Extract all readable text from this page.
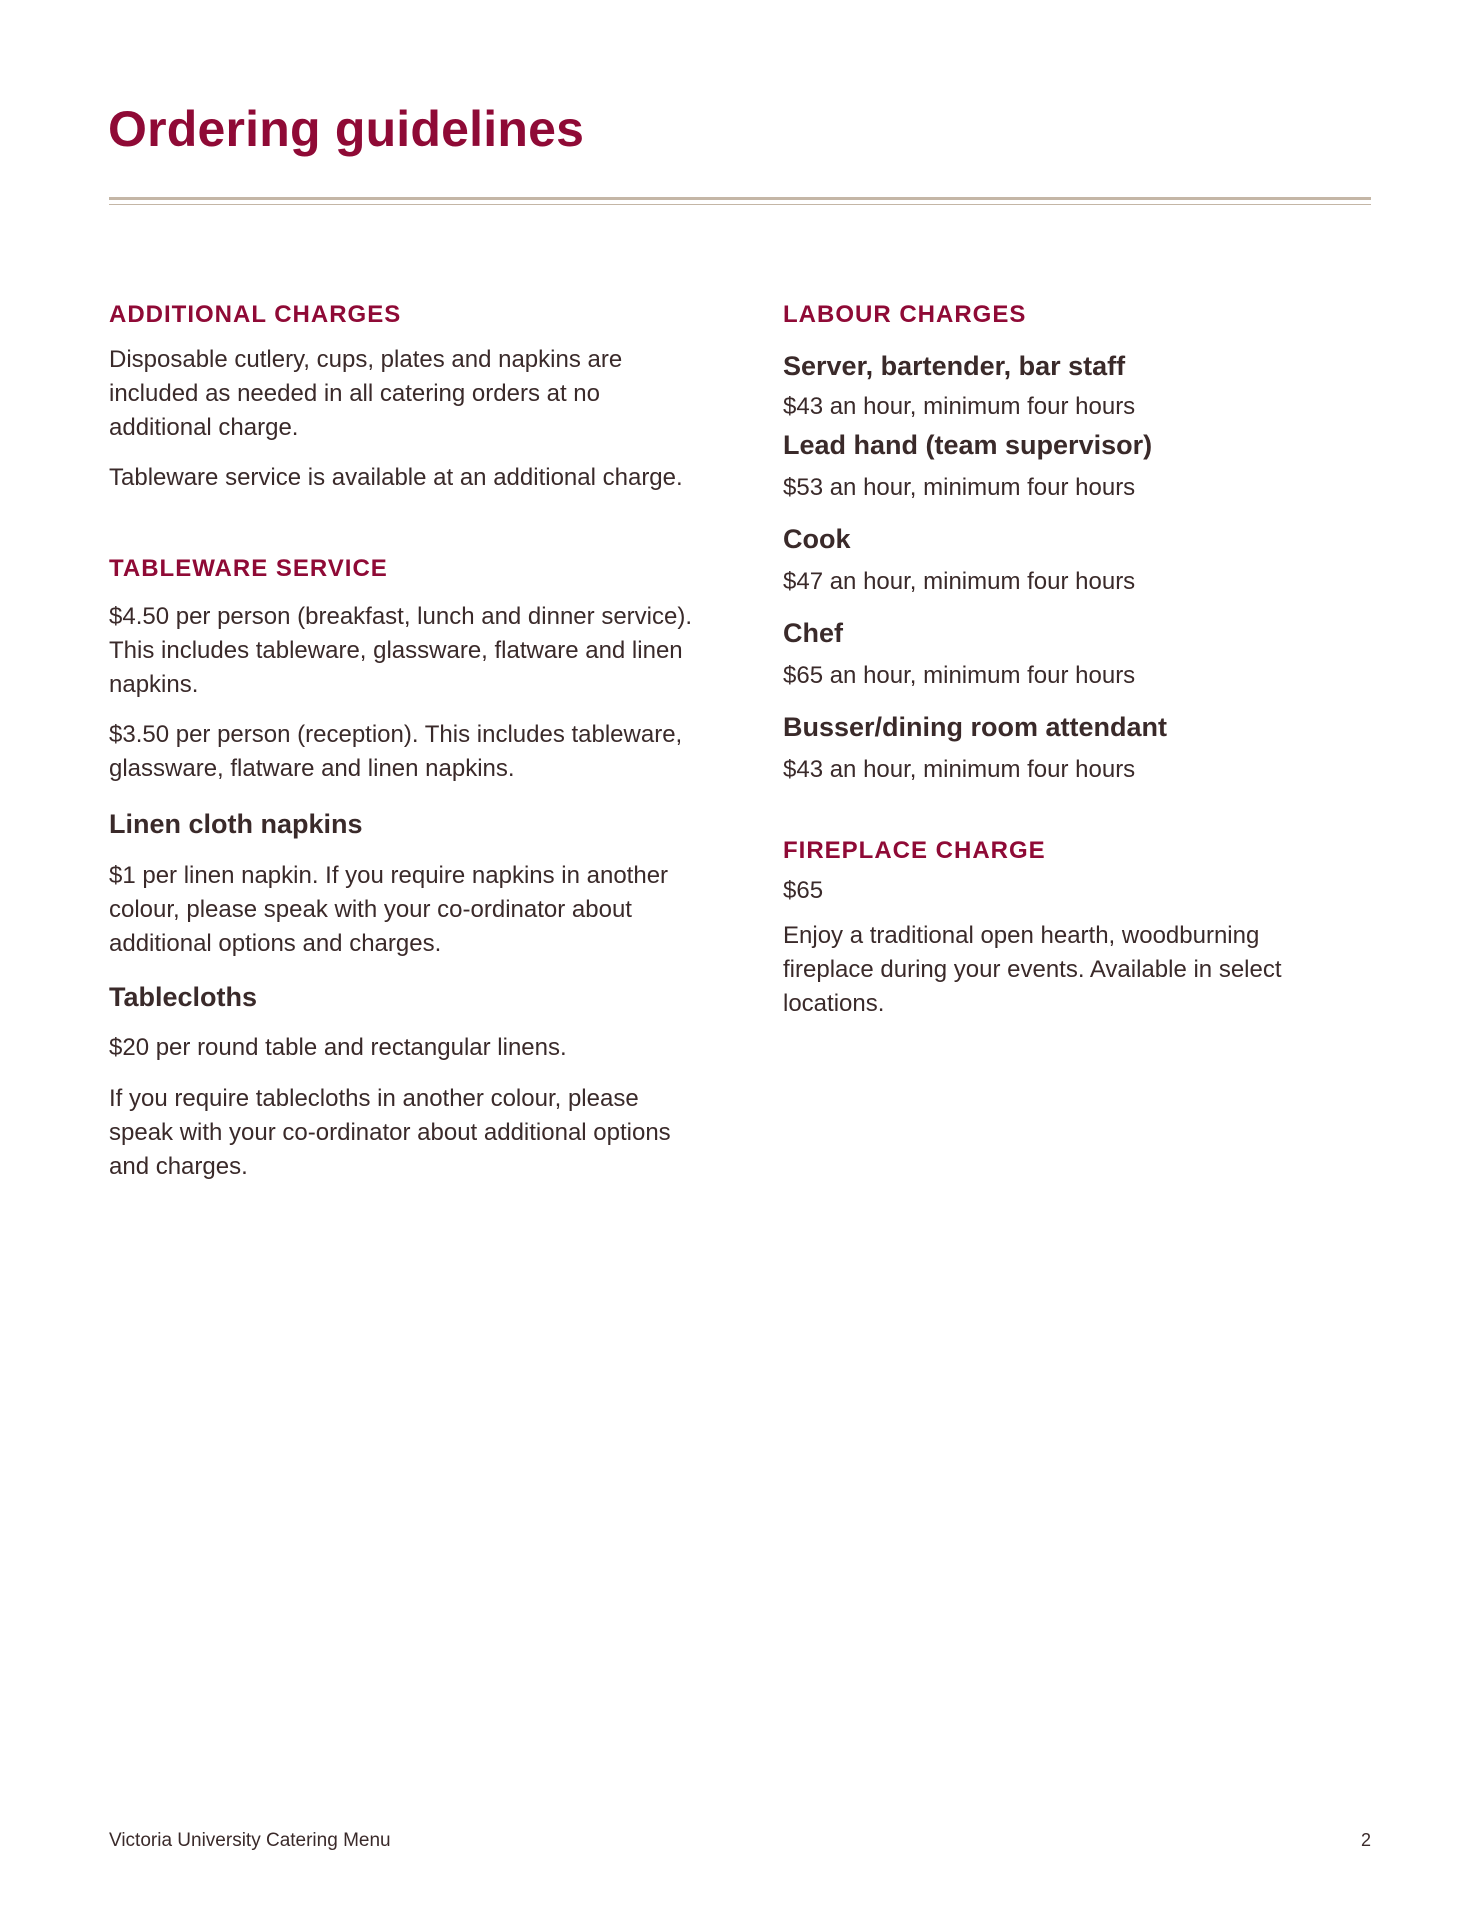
Ordering guidelines
ADDITIONAL CHARGES

Disposable cutlery, cups, plates and napkins are included as needed in all catering orders at no additional charge.

Tableware service is available at an additional charge.

TABLEWARE SERVICE

$4.50 per person (breakfast, lunch and dinner service). This includes tableware, glassware, flatware and linen napkins.

$3.50 per person (reception). This includes tableware, glassware, flatware and linen napkins.

Linen cloth napkins

$1 per linen napkin. If you require napkins in another colour, please speak with your co-ordinator about additional options and charges.

Tablecloths

$20 per round table and rectangular linens.

If you require tablecloths in another colour, please speak with your co-ordinator about additional options and charges.

LABOUR CHARGES
Server, bartender, bar staff

$43 an hour, minimum four hours

Lead hand (team supervisor)

$53 an hour, minimum four hours

Cook

$47 an hour, minimum four hours

Chef

$65 an hour, minimum four hours

Busser/dining room attendant

$43 an hour, minimum four hours

FIREPLACE CHARGE

$65

Enjoy a traditional open hearth, woodburning fireplace during your events. Available in select locations.

Victoria University Catering Menu	2
